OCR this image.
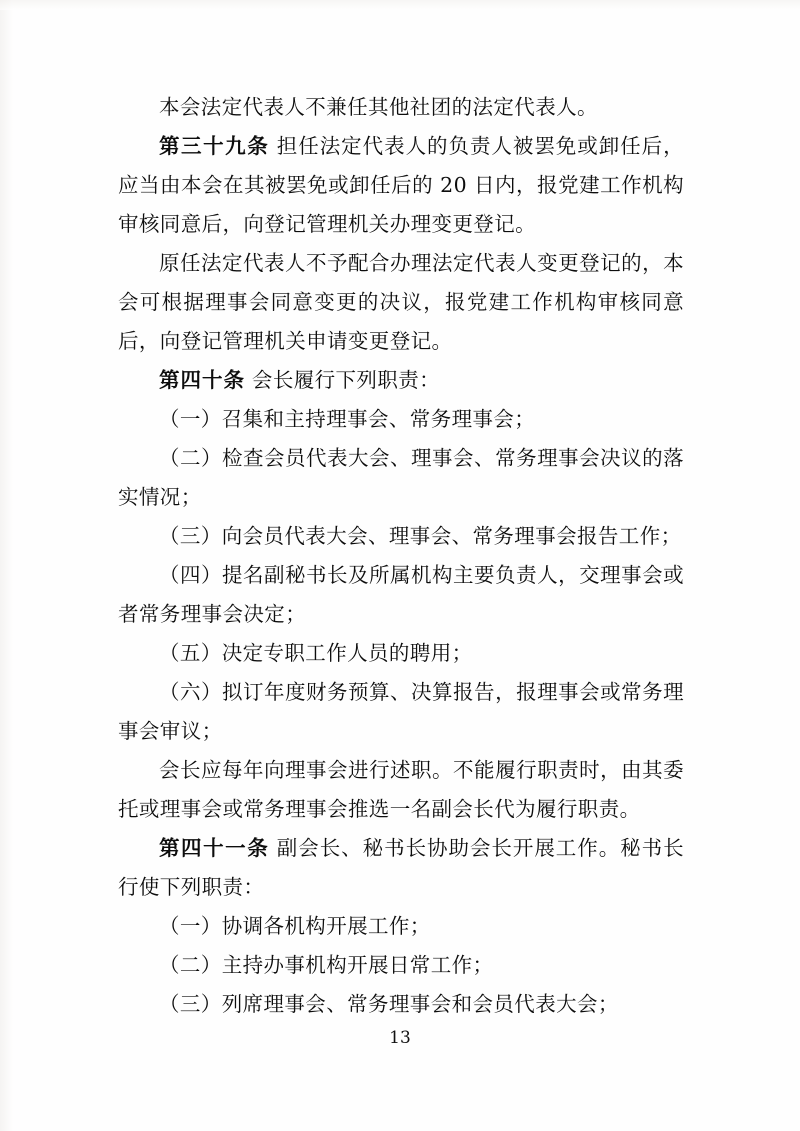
本会法定代表人不兼任其他社团的法定代表人。

第三十九条 担任法定代表人的负责人被罢免或卸任后，应当由本会在其被罢免或卸任后的 20 日内，报党建工作机构审核同意后，向登记管理机关办理变更登记。

原任法定代表人不予配合办理法定代表人变更登记的，本会可根据理事会同意变更的决议，报党建工作机构审核同意后，向登记管理机关申请变更登记。

第四十条 会长履行下列职责：

（一）召集和主持理事会、常务理事会；

（二）检查会员代表大会、理事会、常务理事会决议的落实情况；

（三）向会员代表大会、理事会、常务理事会报告工作；

（四）提名副秘书长及所属机构主要负责人，交理事会或者常务理事会决定；

（五）决定专职工作人员的聘用；

（六）拟订年度财务预算、决算报告，报理事会或常务理事会审议；

会长应每年向理事会进行述职。不能履行职责时，由其委托或理事会或常务理事会推选一名副会长代为履行职责。

第四十一条 副会长、秘书长协助会长开展工作。秘书长行使下列职责：

（一）协调各机构开展工作；

（二）主持办事机构开展日常工作；

（三）列席理事会、常务理事会和会员代表大会；

13
